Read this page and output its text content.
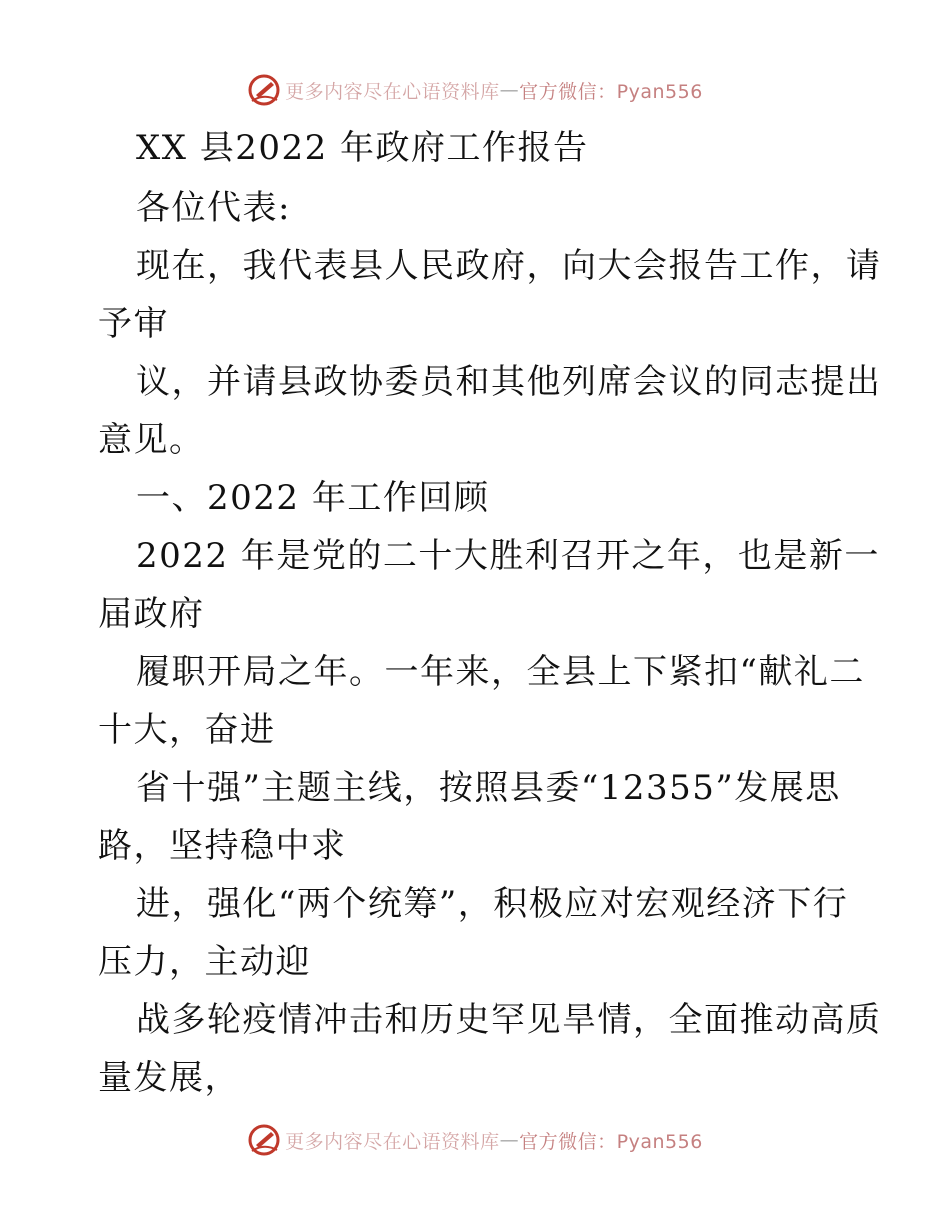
更多内容尽在心语资料库 — 官方微信：Pyan556
XX 县2022 年政府工作报告
各位代表:
现在，我代表县人民政府，向大会报告工作，请
予审
议，并请县政协委员和其他列席会议的同志提出
意见。
一、2022 年工作回顾
2022 年是党的二十大胜利召开之年，也是新一
届政府
履职开局之年。一年来，全县上下紧扣“献礼二
十大，奋进
省十强”主题主线，按照县委“12355”发展思
路，坚持稳中求
进，强化“两个统筹”，积极应对宏观经济下行
压力，主动迎
战多轮疫情冲击和历史罕见旱情，全面推动高质
量发展，
更多内容尽在心语资料库 — 官方微信：Pyan556
